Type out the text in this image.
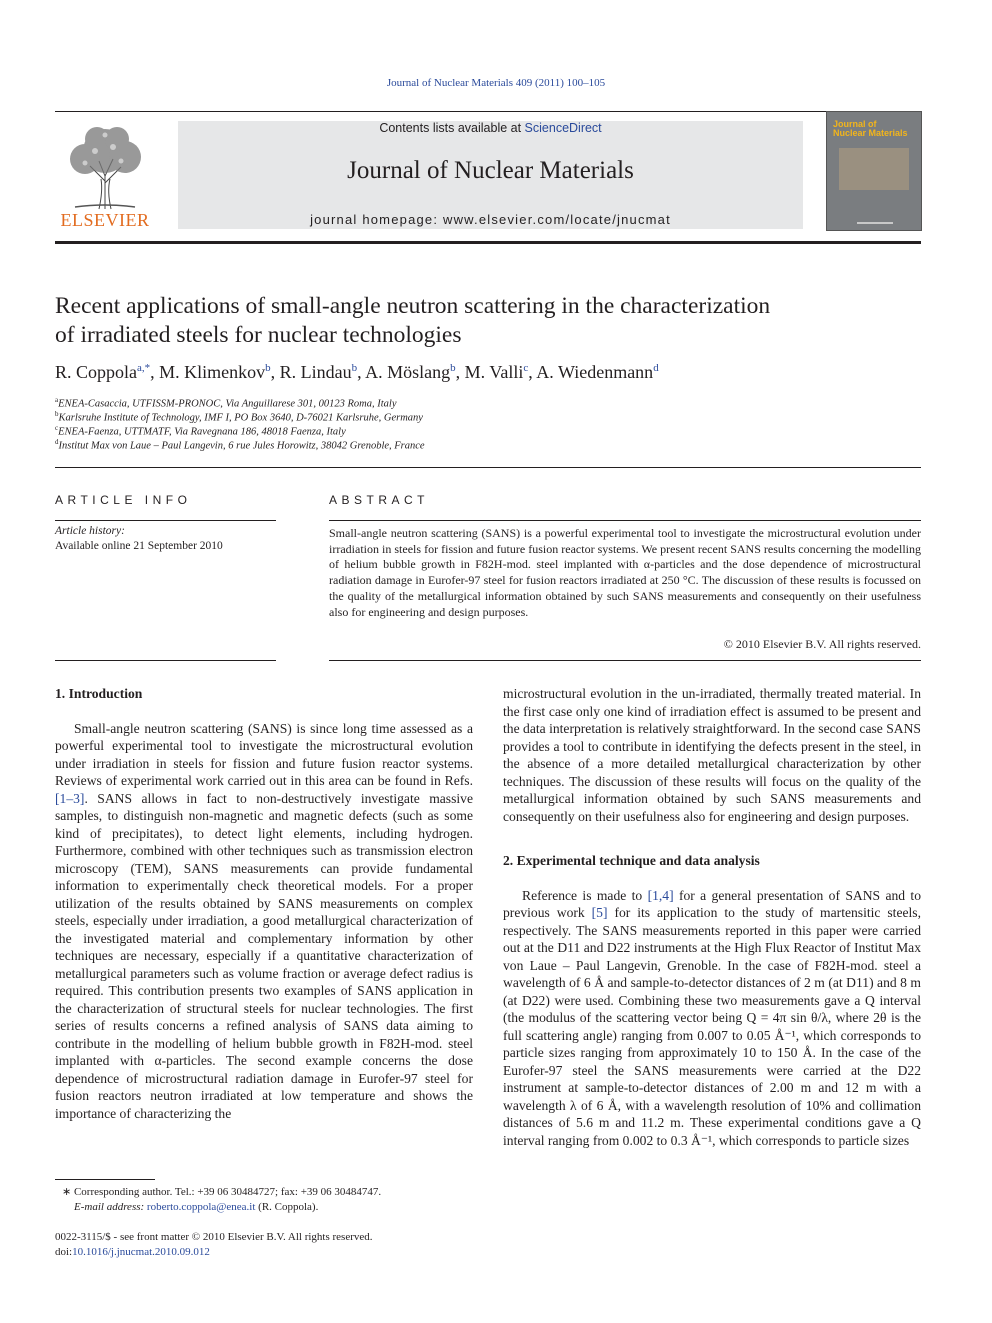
Journal of Nuclear Materials 409 (2011) 100–105
ELSEVIER
Contents lists available at ScienceDirect
Journal of Nuclear Materials
journal homepage: www.elsevier.com/locate/jnucmat
Journal of
Nuclear Materials
Recent applications of small-angle neutron scattering in the characterization
of irradiated steels for nuclear technologies
R. Coppola$^{a,*}$, M. Klimenkov$^b$, R. Lindau$^b$, A. Möslang$^b$, M. Valli$^c$, A. Wiedenmann$^d$
$^a$ENEA-Casaccia, UTFISSM-PRONOC, Via Anguillarese 301, 00123 Roma, Italy
$^b$Karlsruhe Institute of Technology, IMF I, PO Box 3640, D-76021 Karlsruhe, Germany
$^c$ENEA-Faenza, UTTMATF, Via Ravegnana 186, 48018 Faenza, Italy
$^d$Institut Max von Laue – Paul Langevin, 6 rue Jules Horowitz, 38042 Grenoble, France
ARTICLE INFO
Article history:
Available online 21 September 2010
ABSTRACT
Small-angle neutron scattering (SANS) is a powerful experimental tool to investigate the microstructural evolution under irradiation in steels for fission and future fusion reactor systems. We present recent SANS results concerning the modelling of helium bubble growth in F82H-mod. steel implanted with α-particles and the dose dependence of microstructural radiation damage in Eurofer-97 steel for fusion reactors irradiated at 250 °C. The discussion of these results is focussed on the quality of the metallurgical information obtained by such SANS measurements and consequently on their usefulness also for engineering and design purposes.
© 2010 Elsevier B.V. All rights reserved.
1. Introduction

Small-angle neutron scattering (SANS) is since long time assessed as a powerful experimental tool to investigate the microstructural evolution under irradiation in steels for fission and future fusion reactor systems. Reviews of experimental work carried out in this area can be found in Refs. [1–3]. SANS allows in fact to non-destructively investigate massive samples, to distinguish non-magnetic and magnetic defects (such as some kind of precipitates), to detect light elements, including hydrogen. Furthermore, combined with other techniques such as transmission electron microscopy (TEM), SANS measurements can provide fundamental information to experimentally check theoretical models. For a proper utilization of the results obtained by SANS measurements on complex steels, especially under irradiation, a good metallurgical characterization of the investigated material and complementary information by other techniques are necessary, especially if a quantitative characterization of metallurgical parameters such as volume fraction or average defect radius is required. This contribution presents two examples of SANS application in the characterization of structural steels for nuclear technologies. The first series of results concerns a refined analysis of SANS data aiming to contribute in the modelling of helium bubble growth in F82H-mod. steel implanted with α-particles. The second example concerns the dose dependence of microstructural radiation damage in Eurofer-97 steel for fusion reactors neutron irradiated at low temperature and shows the importance of characterizing the

∗ Corresponding author. Tel.: +39 06 30484727; fax: +39 06 30484747.
E-mail address: roberto.coppola@enea.it (R. Coppola).
0022-3115/$ - see front matter © 2010 Elsevier B.V. All rights reserved.
doi:10.1016/j.jnucmat.2010.09.012

microstructural evolution in the un-irradiated, thermally treated material. In the first case only one kind of irradiation effect is assumed to be present and the data interpretation is relatively straightforward. In the second case SANS provides a tool to contribute in identifying the defects present in the steel, in the absence of a more detailed metallurgical characterization by other techniques. The discussion of these results will focus on the quality of the metallurgical information obtained by such SANS measurements and consequently on their usefulness also for engineering and design purposes.

2. Experimental technique and data analysis

Reference is made to [1,4] for a general presentation of SANS and to previous work [5] for its application to the study of martensitic steels, respectively. The SANS measurements reported in this paper were carried out at the D11 and D22 instruments at the High Flux Reactor of Institut Max von Laue – Paul Langevin, Grenoble. In the case of F82H-mod. steel a wavelength of 6 Å and sample-to-detector distances of 2 m (at D11) and 8 m (at D22) were used. Combining these two measurements gave a Q interval (the modulus of the scattering vector being Q = 4π sin θ/λ, where 2θ is the full scattering angle) ranging from 0.007 to 0.05 Å⁻¹, which corresponds to particle sizes ranging from approximately 10 to 150 Å. In the case of the Eurofer-97 steel the SANS measurements were carried at the D22 instrument at sample-to-detector distances of 2.00 m and 12 m with a wavelength λ of 6 Å, with a wavelength resolution of 10% and collimation distances of 5.6 m and 11.2 m. These experimental conditions gave a Q interval ranging from 0.002 to 0.3 Å⁻¹, which corresponds to particle sizes
